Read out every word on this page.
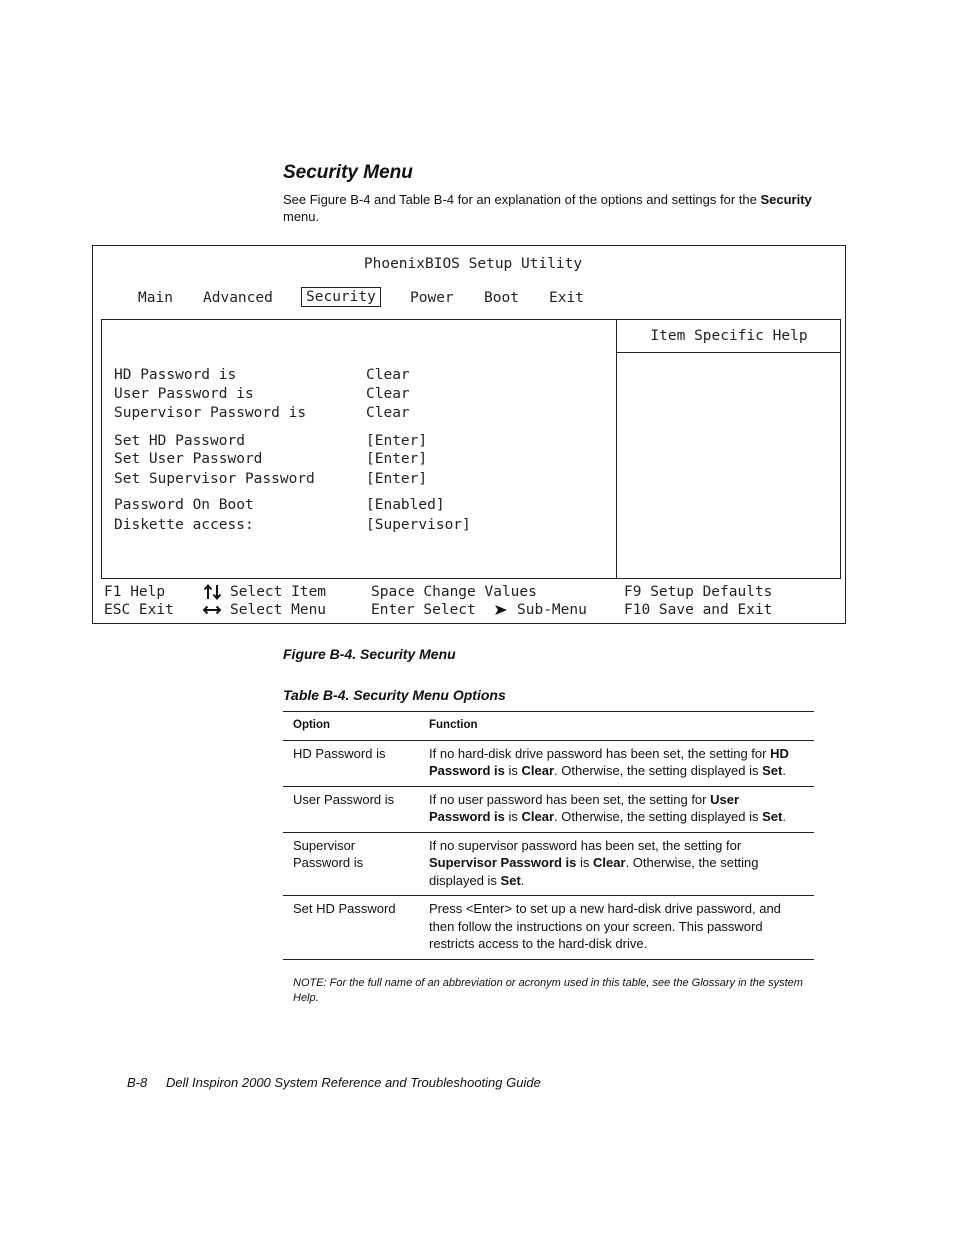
Security Menu
See Figure B-4 and Table B-4 for an explanation of the options and settings for the Security menu.
PhoenixBIOS Setup Utility
Main Advanced	Security	Power Boot Exit
Item Specific Help
HD Password is	Clear
User Password is	Clear
Supervisor Password is	Clear
Set HD Password	[Enter]
Set User Password	[Enter]
Set Supervisor Password	[Enter]
Password On Boot	[Enabled]
Diskette access:	[Supervisor]
F1 Help
ESC Exit
Select Item
Select Menu
Space Change Values
Enter Select	Sub-Menu
F9 Setup Defaults
F10 Save and Exit
Figure B-4. Security Menu
Table B-4. Security Menu Options
Option	Function
HD Password is	If no hard-disk drive password has been set, the setting for HD Password is is Clear. Otherwise, the setting displayed is Set.
User Password is	If no user password has been set, the setting for User Password is is Clear. Otherwise, the setting displayed is Set.
Supervisor Password is	If no supervisor password has been set, the setting for Supervisor Password is is Clear. Otherwise, the setting displayed is Set.
Set HD Password	Press <Enter> to set up a new hard-disk drive password, and then follow the instructions on your screen. This password restricts access to the hard-disk drive.
NOTE: For the full name of an abbreviation or acronym used in this table, see the Glossary in the system Help.
B-8 Dell Inspiron 2000 System Reference and Troubleshooting Guide
